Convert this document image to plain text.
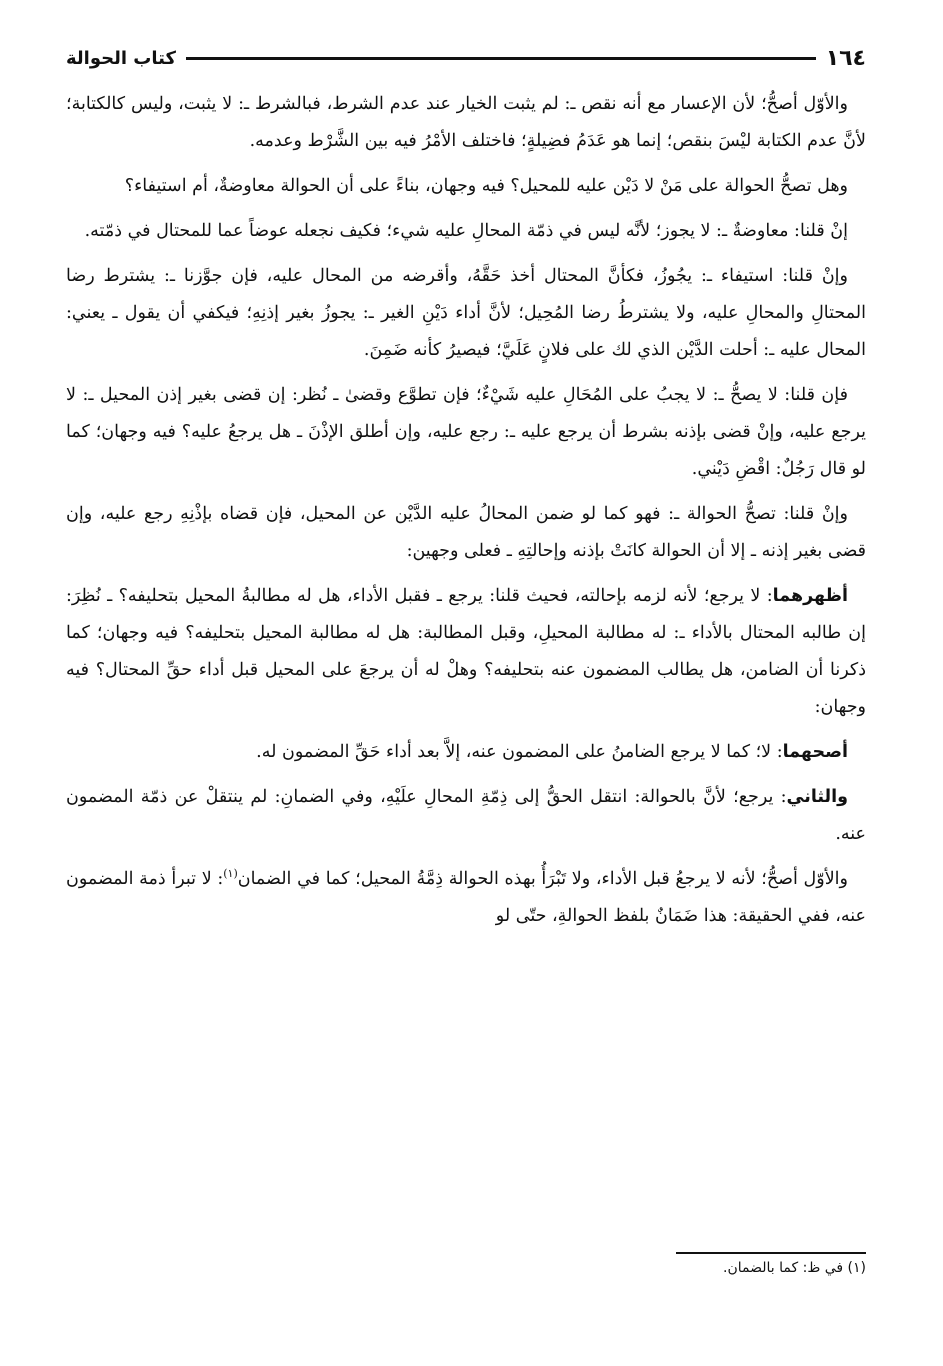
١٦٤
كتاب الحوالة

والأوّل أصحُّ؛ لأن الإعسار مع أنه نقص ـ: لم يثبت الخيار عند عدم الشرط، فبالشرط ـ: لا يثبت، وليس كالكتابة؛ لأنَّ عدم الكتابة ليْسَ بنقص؛ إنما هو عَدَمُ فضِيلةٍ؛ فاختلف الأمْرُ فيه بين الشَّرْط وعدمه.

وهل تصحُّ الحوالة على مَنْ لا دَيْن عليه للمحيل؟ فيه وجهان، بناءً على أن الحوالة معاوضةٌ، أم استيفاء؟

إنْ قلنا: معاوضةٌ ـ: لا يجوز؛ لأنَّه ليس في ذمّة المحالِ عليه شيء؛ فكيف نجعله عوضاً عما للمحتال في ذمّته.

وإنْ قلنا: استيفاء ـ: يجُوزُ، فكأنَّ المحتال أخذ حَقَّهُ، وأقرضه من المحال عليه، فإن جوَّزنا ـ: يشترط رضا المحتالِ والمحالِ عليه، ولا يشترطُ رضا المُحِيل؛ لأنَّ أداء دَيْنِ الغير ـ: يجوزُ بغير إذنِهِ؛ فيكفي أن يقول ـ يعني: المحال عليه ـ: أحلت الدَّيْن الذي لك على فلانٍ عَلَيَّ؛ فيصيرُ كأنه ضَمِنَ.

فإن قلنا: لا يصحُّ ـ: لا يجبُ على المُحَالِ عليه شَيْءٌ؛ فإن تطوَّع وقضىٰ ـ نُظر: إن قضى بغير إذن المحيل ـ: لا يرجع عليه، وإنْ قضى بإذنه بشرط أن يرجع عليه ـ: رجع عليه، وإن أطلق الإذْنَ ـ هل يرجعُ عليه؟ فيه وجهان؛ كما لو قال رَجُلٌ: اقْضِ دَيْني.

وإنْ قلنا: تصحُّ الحوالة ـ: فهو كما لو ضمن المحالُ عليه الدَّيْن عن المحيل، فإن قضاه بإذْنِهِ رجع عليه، وإن قضى بغير إذنه ـ إلا أن الحوالة كانَتْ بإذنه وإحالتِهِ ـ فعلى وجهين:

أظهرهما: لا يرجع؛ لأنه لزمه بإحالته، فحيث قلنا: يرجع ـ فقبل الأداء، هل له مطالبةُ المحيل بتحليفه؟ ـ نُظِرَ: إن طالبه المحتال بالأداء ـ: له مطالبة المحيلِ، وقبل المطالبة: هل له مطالبة المحيل بتحليفه؟ فيه وجهان؛ كما ذكرنا أن الضامن، هل يطالب المضمون عنه بتحليفه؟ وهلْ له أن يرجعَ على المحيل قبل أداء حقِّ المحتال؟ فيه وجهان:

أصحهما: لا؛ كما لا يرجع الضامنُ على المضمون عنه، إلاَّ بعد أداء حَقِّ المضمون له.

والثاني: يرجع؛ لأنَّ بالحوالة: انتقل الحقُّ إلى ذِمّةِ المحالِ علَيْهِ، وفي الضمانِ: لم ينتقلْ عن ذمّة المضمون عنه.

والأوّل أصحُّ؛ لأنه لا يرجعُ قبل الأداء، ولا تَبْرَأُ بهذه الحوالة ذِمَّةُ المحيل؛ كما في الضمان$^{(١)}$: لا تبرأ ذمة المضمون عنه، ففي الحقيقة: هذا ضَمَانٌ بلفظ الحوالةِ، حتّى لو

(١) في ظ: كما بالضمان.
